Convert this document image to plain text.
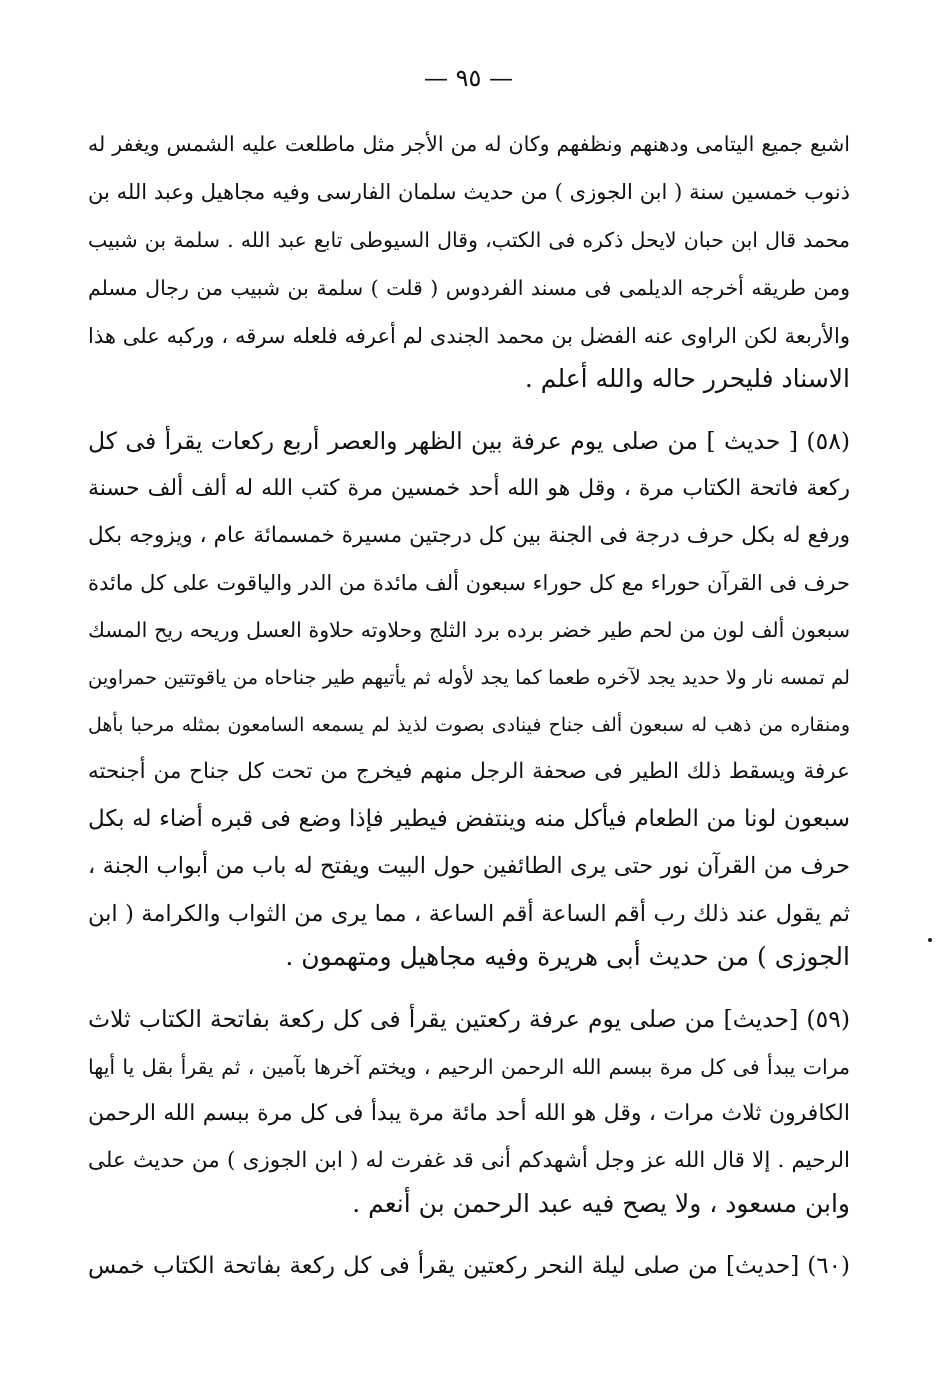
— ٩٥ —
اشبع جميع اليتامى ودهنهم ونظفهم وكان له من الأجر مثل ماطلعت عليه الشمس ويغفر له
ذنوب خمسين سنة ( ابن الجوزى ) من حديث سلمان الفارسى وفيه مجاهيل وعبد الله بن
محمد قال ابن حبان لايحل ذكره فى الكتب، وقال السيوطى تابع عبد الله . سلمة بن شبيب
ومن طريقه أخرجه الديلمى فى مسند الفردوس ( قلت ) سلمة بن شبيب من رجال مسلم
والأربعة لكن الراوى عنه الفضل بن محمد الجندى لم أعرفه فلعله سرقه ، وركبه على هذا
الاسناد فليحرر حاله والله أعلم .
(٥٨) [ حديث ] من صلى يوم عرفة بين الظهر والعصر أربع ركعات يقرأ فى كل
ركعة فاتحة الكتاب مرة ، وقل هو الله أحد خمسين مرة كتب الله له ألف ألف حسنة
ورفع له بكل حرف درجة فى الجنة بين كل درجتين مسيرة خمسمائة عام ، ويزوجه بكل
حرف فى القرآن حوراء مع كل حوراء سبعون ألف مائدة من الدر والياقوت على كل مائدة
سبعون ألف لون من لحم طير خضر برده برد الثلج وحلاوته حلاوة العسل وريحه ريح المسك
لم تمسه نار ولا حديد يجد لآخره طعما كما يجد لأوله ثم يأتيهم طير جناحاه من ياقوتتين حمراوين
ومنقاره من ذهب له سبعون ألف جناح فينادى بصوت لذيذ لم يسمعه السامعون بمثله مرحبا بأهل
عرفة ويسقط ذلك الطير فى صحفة الرجل منهم فيخرج من تحت كل جناح من أجنحته
سبعون لونا من الطعام فيأكل منه وينتفض فيطير فإذا وضع فى قبره أضاء له بكل
حرف من القرآن نور حتى يرى الطائفين حول البيت ويفتح له باب من أبواب الجنة ،
ثم يقول عند ذلك رب أقم الساعة أقم الساعة ، مما يرى من الثواب والكرامة ( ابن
الجوزى ) من حديث أبى هريرة وفيه مجاهيل ومتهمون .
(٥٩) [حديث] من صلى يوم عرفة ركعتين يقرأ فى كل ركعة بفاتحة الكتاب ثلاث
مرات يبدأ فى كل مرة ببسم الله الرحمن الرحيم ، ويختم آخرها بآمين ، ثم يقرأ بقل يا أيها
الكافرون ثلاث مرات ، وقل هو الله أحد مائة مرة يبدأ فى كل مرة ببسم الله الرحمن
الرحيم . إلا قال الله عز وجل أشهدكم أنى قد غفرت له ( ابن الجوزى ) من حديث على
وابن مسعود ، ولا يصح فيه عبد الرحمن بن أنعم .
(٦٠) [حديث] من صلى ليلة النحر ركعتين يقرأ فى كل ركعة بفاتحة الكتاب خمس
